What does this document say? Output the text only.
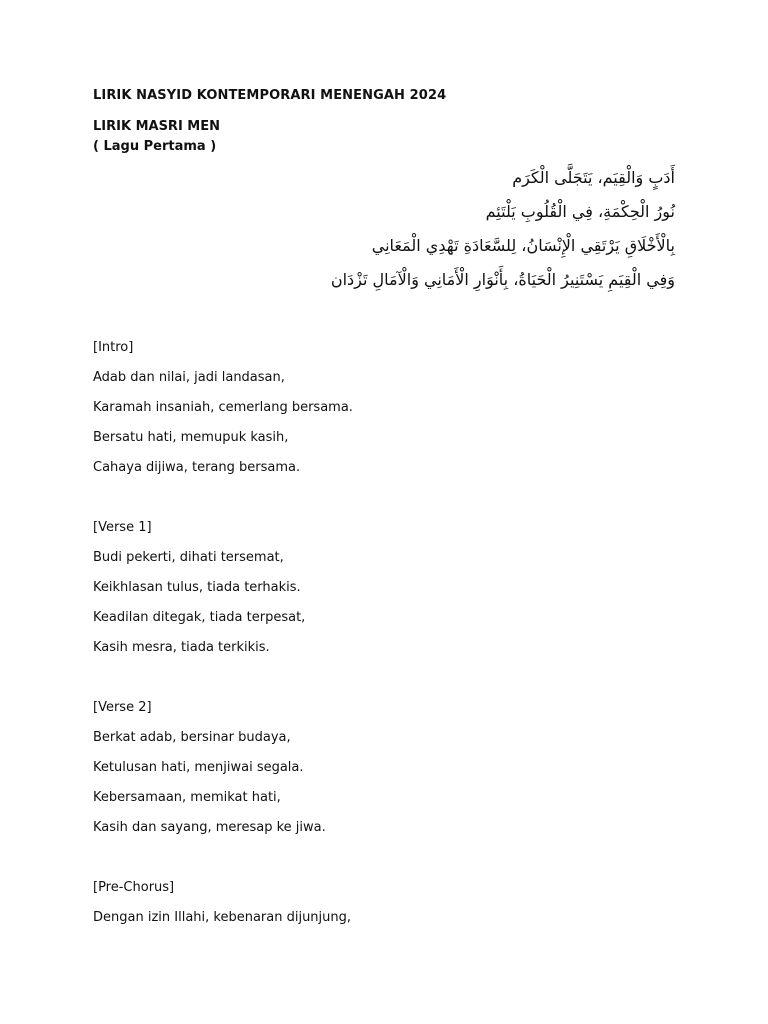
LIRIK NASYID KONTEMPORARI MENENGAH 2024
LIRIK MASRI MEN
( Lagu Pertama )
أَدَبٍ وَالْقِيَم، يَتَجَلَّى الْكَرَم
نُورُ الْحِكْمَةِ، فِي الْقُلُوبِ يَلْتَئِم
بِالْأَخْلَاقِ يَرْتَقِي الْإِنْسَانُ، لِلسَّعَادَةِ تَهْدِي الْمَعَانِي
وَفِي الْقِيَمِ يَسْتَنِيرُ الْحَيَاةُ، بِأَنْوَارِ الْأَمَانِي وَالْآمَالِ تَزْدَان
[Intro]
Adab dan nilai, jadi landasan,
Karamah insaniah, cemerlang bersama.
Bersatu hati, memupuk kasih,
Cahaya dijiwa, terang bersama.
[Verse 1]
Budi pekerti, dihati tersemat,
Keikhlasan tulus, tiada terhakis.
Keadilan ditegak, tiada terpesat,
Kasih mesra, tiada terkikis.
[Verse 2]
Berkat adab, bersinar budaya,
Ketulusan hati, menjiwai segala.
Kebersamaan, memikat hati,
Kasih dan sayang, meresap ke jiwa.
[Pre-Chorus]
Dengan izin Illahi, kebenaran dijunjung,
